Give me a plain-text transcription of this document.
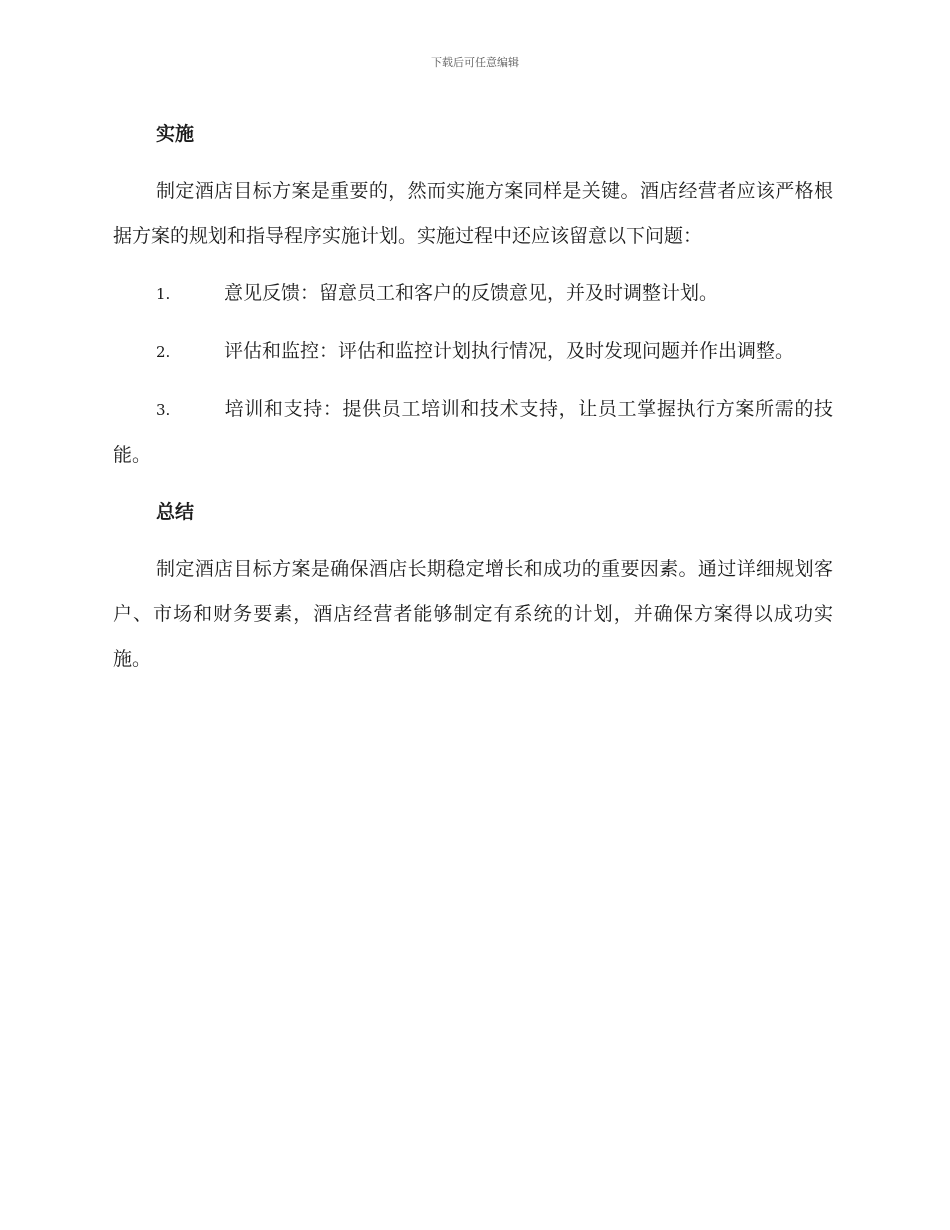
下载后可任意编辑

实施

制定酒店目标方案是重要的，然而实施方案同样是关键。酒店经营者应该严格根据方案的规划和指导程序实施计划。实施过程中还应该留意以下问题：

1.	意见反馈：留意员工和客户的反馈意见，并及时调整计划。

2.	评估和监控：评估和监控计划执行情况，及时发现问题并作出调整。

3.	培训和支持：提供员工培训和技术支持，让员工掌握执行方案所需的技能。

总结

制定酒店目标方案是确保酒店长期稳定增长和成功的重要因素。通过详细规划客户、市场和财务要素，酒店经营者能够制定有系统的计划，并确保方案得以成功实施。
